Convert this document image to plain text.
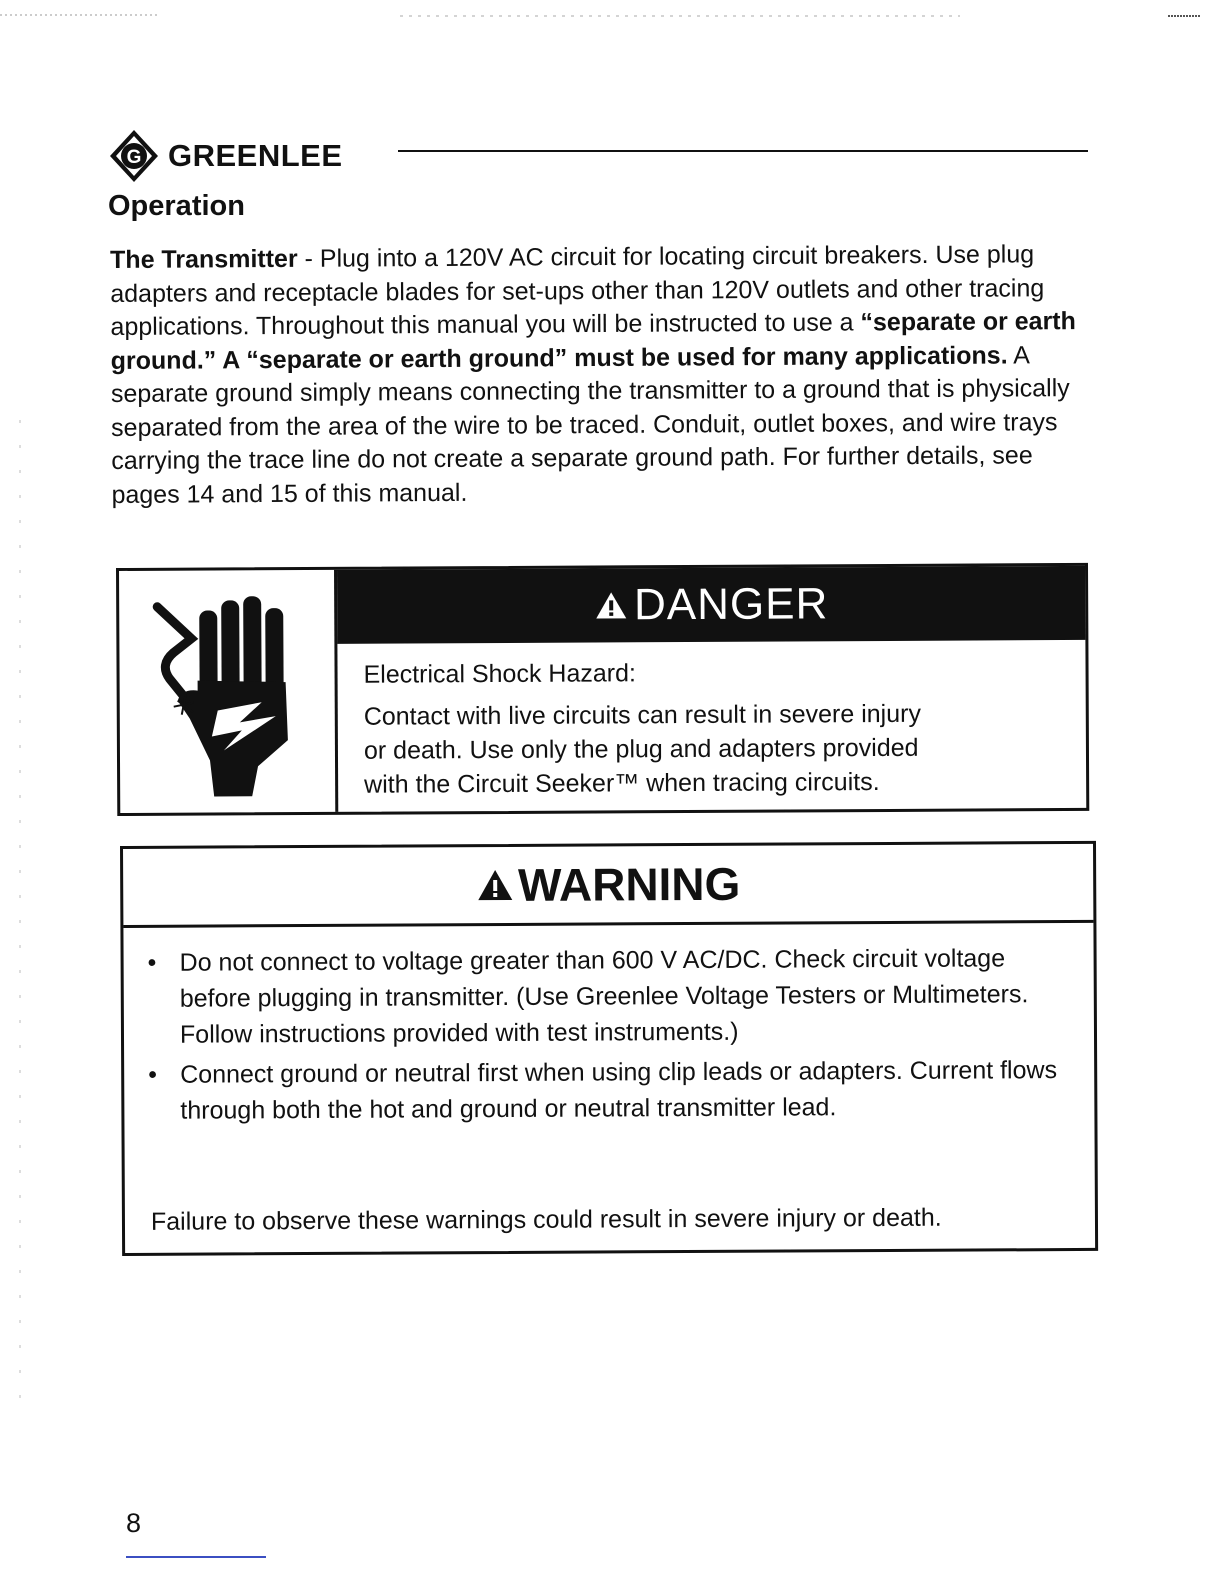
G GREENLEE
Operation

The Transmitter - Plug into a 120V AC circuit for locating circuit breakers. Use plug adapters and receptacle blades for set-ups other than 120V outlets and other tracing applications. Throughout this manual you will be instructed to use a “separate or earth ground.” A “separate or earth ground” must be used for many applications. A separate ground simply means connecting the transmitter to a ground that is physically separated from the area of the wire to be traced. Conduit, outlet boxes, and wire trays carrying the trace line do not create a separate ground path. For further details, see pages 14 and 15 of this manual.

DANGER
Electrical Shock Hazard:
Contact with live circuits can result in severe injury
or death. Use only the plug and adapters provided
with the Circuit Seeker™ when tracing circuits.
WARNING
• Do not connect to voltage greater than 600 V AC/DC. Check circuit voltage before plugging in transmitter. (Use Greenlee Voltage Testers or Multimeters. Follow instructions provided with test instruments.)
• Connect ground or neutral first when using clip leads or adapters. Current flows through both the hot and ground or neutral transmitter lead.
Failure to observe these warnings could result in severe injury or death.
8
